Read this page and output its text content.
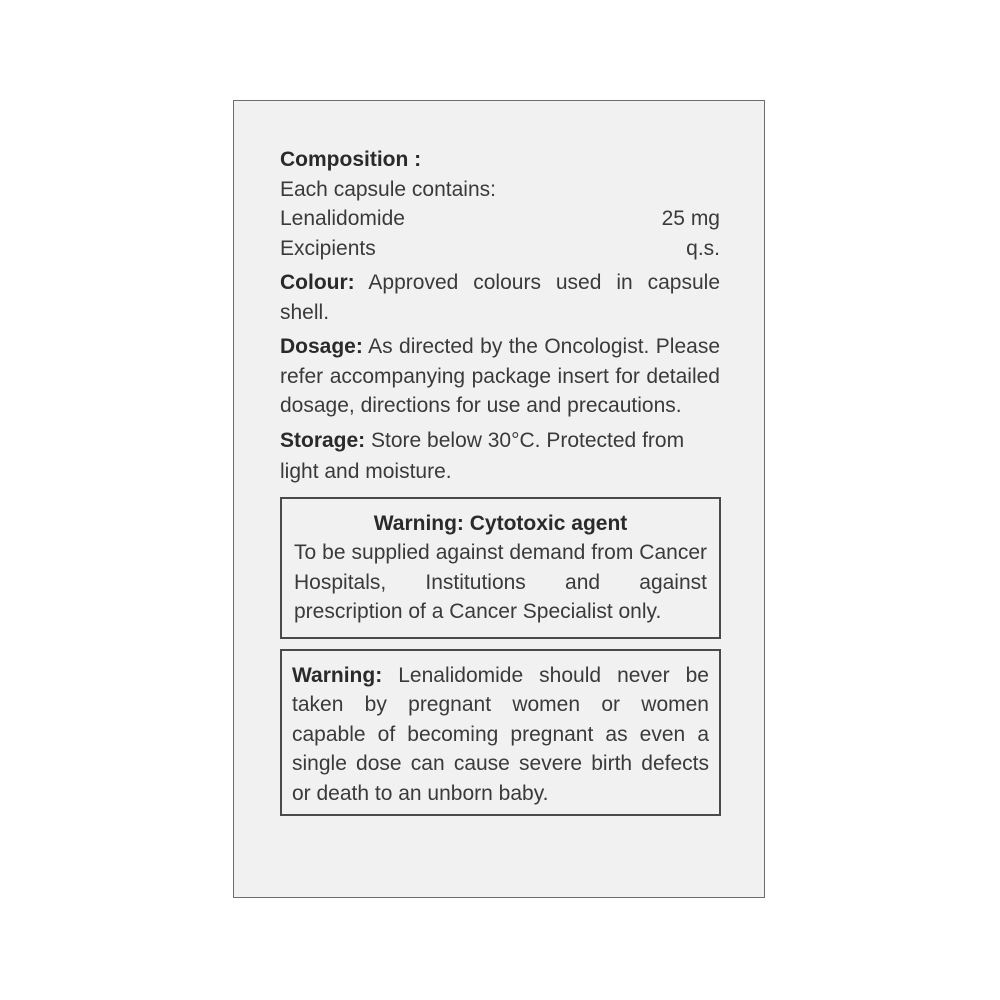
Composition :
Each capsule contains:
Lenalidomide	25 mg
Excipients	q.s.
Colour: Approved colours used in capsule shell.
Dosage: As directed by the Oncologist. Please refer accompanying package insert for detailed dosage, directions for use and precautions.
Storage: Store below 30°C. Protected from
light and moisture.
Warning: Cytotoxic agent
To be supplied against demand from Cancer Hospitals, Institutions and against prescription of a Cancer Specialist only.
Warning: Lenalidomide should never be taken by pregnant women or women capable of becoming pregnant as even a single dose can cause severe birth defects or death to an unborn baby.
